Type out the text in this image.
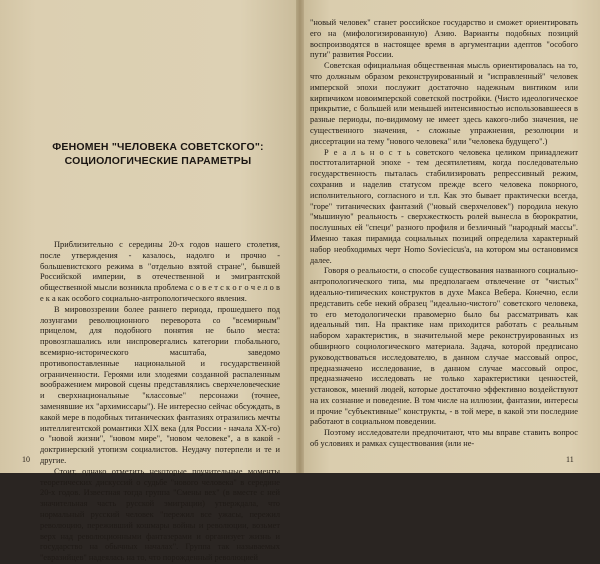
ФЕНОМЕН "ЧЕЛОВЕКА СОВЕТСКОГО":
СОЦИОЛОГИЧЕСКИЕ ПАРАМЕТРЫ

Приблизительно с середины 20-х годов нашего столетия, после утверждения - казалось, надолго и прочно - большевистского режима в "отдельно взятой стране", бывшей Российской империи, в отечественной и эмигрантской общественной мысли возникла проблема с о в е т с к о г о ч е л о в е к а как особого социально-антропологического явления.

В мировоззрении более раннего периода, прошедшего под лозунгами революционного переворота со "всемирным" прицелом, для подобного понятия не было места: провозглашались или ниспровергались категории глобального, всемирно-исторического масштаба, заведомо противопоставленные национальной и государственной ограниченности. Героями или злодеями созданной распаленным воображением мировой сцены представлялись сверхчеловеческие и сверхнациональные "классовые" персонажи (точнее, заменявшие их "архимиссары"). Не интересно сейчас обсуждать, в какой мере в подобных титанических фантазиях отразились мечты интеллигентской романтики XIX века (для России - начала XX-го) о "новой жизни", "новом мире", "новом человеке", а в какой - доктринерский утопизм социалистов. Неудачу потерпели и те и другие.

Стоит, однако отметить некоторые поучительные моменты теоретических дискуссий о судьбе "нового человека" в середине 20-х годов. Известная тогда группа "Смены вех" (в вместе с ней значительная часть русской эмиграции) утверждала, что нормальный русский человек "пережил все ужасы, пережил революцию, переживший кошмары войны и революции, возьмет верх над революционными фантазерами и организует жизнь и государство на обычных началах". Группа так называемых "евразийцев" надеялась на то, что порожденный революцией

10

"новый человек" станет российское государство и сможет ориентировать его на (мифологизированную) Азию. Варианты подобных позиций воспроизводятся в настоящее время в аргументации адептов "особого пути" развития России.

Советская официальная общественная мысль ориентировалась на то, что должным образом реконструированный и "исправленный" человек имперской эпохи послужит достаточно надежным винтиком или кирпичиком новоимперской советской постройки. (Чисто идеологическое прикрытие, с большей или меньшей интенсивностью использовавшееся в разные периоды, по-видимому не имеет здесь какого-либо значения, не существенного значения, - сложные упражнения, резолюции и диссертации на тему "нового человека" или "человека будущего".)

Р е а л ь н о с т ь советского человека целиком принадлежит посттоталитарной эпохе - тем десятилетиям, когда последовательно государственность пыталась стабилизировать репрессивный режим, сохранив и наделив статусом прежде всего человека покорного, исполнительного, согласного и т.п. Как это бывает практически всегда, "горе" титанических фантазий ("новый сверхчеловек") породила некую "мышиную" реальность - сверхжесткость ролей вынесла в бюрократии, послушных ей "специ" разного профиля и безличный "народный массы". Именно такая пирамида социальных позиций определила характерный набор необходимых черт Homo Soviecicus'а, на котором мы остановимся далее.

Говоря о реальности, о способе существования названного социально-антропологического типа, мы предполагаем отвлечение от "чистых" идеально-типических конструктов в духе Макса Вебера. Конечно, если представить себе некий образец "идеально-чистого" советского человека, то его методологически правомерно было бы рассматривать как идеальный тип. На практике нам приходится работать с реальным набором характеристик, в значительной мере реконструированных из обширного социологического материала. Задача, которой предписано руководствоваться исследователю, в данном случае массовый опрос, предназначено исследование, в данном случае массовый опрос, предназначено исследовать не только характеристики ценностей, установок, мнений людей, которые достаточно эффективно воздействуют на их сознание и поведение. В том числе на иллюзии, фантазии, интересы и прочие "субъективные" конструкты, - в той мере, в какой эти последние работают в социальном поведении.

Поэтому исследователи предпочитают, что мы вправе ставить вопрос об условиях и рамках существования (или не-

11
